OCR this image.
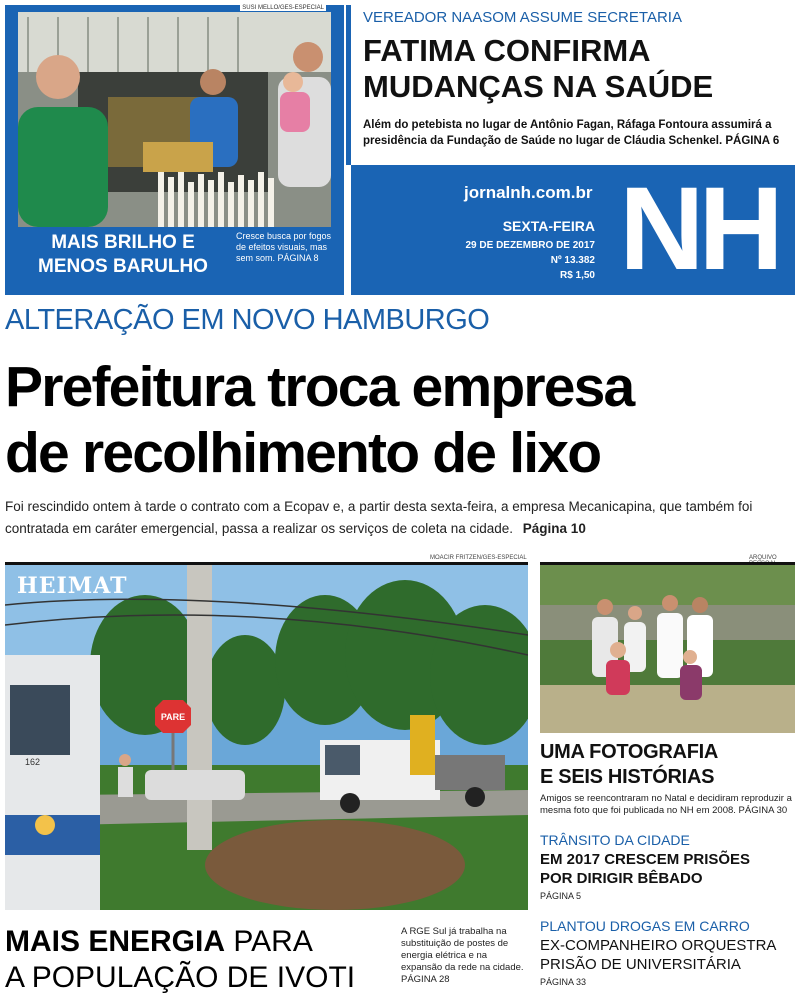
SUSI MELLO/GES-ESPECIAL
MAIS BRILHO E
MENOS BARULHO
Cresce busca por fogos de efeitos visuais, mas sem som. PÁGINA 8
VEREADOR NAASOM ASSUME SECRETARIA
FATIMA CONFIRMA
MUDANÇAS NA SAÚDE
Além do petebista no lugar de Antônio Fagan, Ráfaga Fontoura assumirá a presidência da Fundação de Saúde no lugar de Cláudia Schenkel. PÁGINA 6
jornalnh.com.br
SEXTA-FEIRA
29 DE DEZEMBRO DE 2017
Nº 13.382
R$ 1,50 NH
ALTERAÇÃO EM NOVO HAMBURGO
Prefeitura troca empresa
de recolhimento de lixo
Foi rescindido ontem à tarde o contrato com a Ecopav e, a partir desta sexta-feira, a empresa Mecanicapina, que também foi contratada em caráter emergencial, passa a realizar os serviços de coleta na cidade. Página 10
MOACIR FRITZEN/GES-ESPECIAL
PARE
162
HEIMAT
MAIS ENERGIA PARA
A POPULAÇÃO DE IVOTI
A RGE Sul já trabalha na substituição de postes de energia elétrica e na expansão da rede na cidade. PÁGINA 28
ARQUIVO
UMA FOTOGRAFIA
E SEIS HISTÓRIAS
Amigos se reencontraram no Natal e decidiram reproduzir a mesma foto que foi publicada no NH em 2008. PÁGINA 30
TRÂNSITO DA CIDADE
EM 2017 CRESCEM PRISÕES
POR DIRIGIR BÊBADO
PÁGINA 5
PLANTOU DROGAS EM CARRO
EX-COMPANHEIRO ORQUESTRA
PRISÃO DE UNIVERSITÁRIA
PÁGINA 33
